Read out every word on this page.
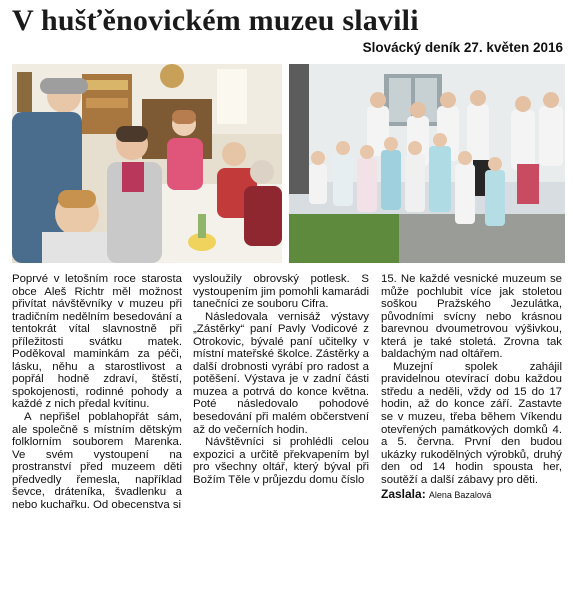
V hušťěnovickém muzeu slavili
Slovácký deník 27. květen 2016

Poprvé v letošním roce starosta obce Aleš Richtr měl možnost přivítat návštěvníky v muzeu při tradičním nedělním besedování a tentokrát vítal slavnostně při příležitosti svátku matek. Poděkoval maminkám za péči, lásku, něhu a starostlivost a popřál hodně zdraví, štěstí, spokojenosti, rodinné pohody a každé z nich předal kvítinu.

A nepřišel poblahopřát sám, ale společně s místním dětským folklorním souborem Marenka. Ve svém vystoupení na prostranství před muzeem děti předvedly řemesla, například ševce, dráteníka, švadlenku a nebo kuchařku. Od obecenstva si

vysloužily obrovský potlesk. S vystoupením jim pomohli kamarádi tanečníci ze souboru Cifra.

Následovala vernisáž výstavy „Zástěrky“ paní Pavly Vodicové z Otrokovic, bývalé paní učitelky v místní mateřské školce. Zástěrky a další drobnosti vyrábí pro radost a potěšení. Výstava je v zadní části muzea a potrvá do konce května. Poté následovalo pohodové besedování při malém občerstvení až do večerních hodin.

Návštěvníci si prohlédli celou expozici a určitě překvapením byl pro všechny oltář, který býval při Božím Těle v průjezdu domu číslo

15. Ne každé vesnické muzeum se může pochlubit více jak stoletou soškou Pražského Jezulátka, původními svícny nebo krásnou barevnou dvoumetrovou výšivkou, která je také stoletá. Zrovna tak baldachým nad oltářem.

Muzejní spolek zahájil pravidelnou otevírací dobu každou středu a neděli, vždy od 15 do 17 hodin, až do konce září. Zastavte se v muzeu, třeba během Víkendu otevřených památkových domků 4. a 5. června. První den budou ukázky rukodělných výrobků, druhý den od 14 hodin spousta her, soutěží a další zábavy pro děti.

Zaslala: Alena Bazalová
